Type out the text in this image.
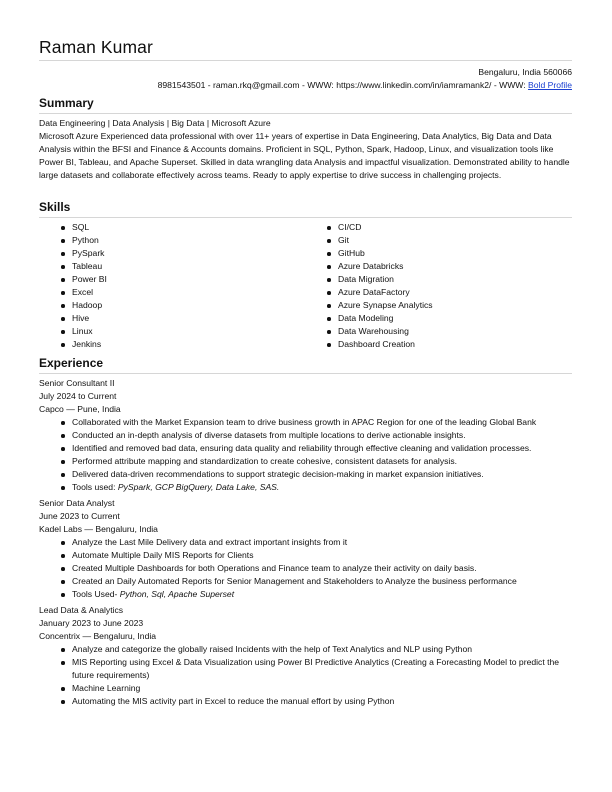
Raman Kumar
Bengaluru, India 560066
8981543501 - raman.rkq@gmail.com - WWW: https://www.linkedin.com/in/iamramank2/ - WWW: Bold Profile
Summary
Data Engineering | Data Analysis | Big Data | Microsoft Azure
Microsoft Azure Experienced data professional with over 11+ years of expertise in Data Engineering, Data Analytics, Big Data and Data Analysis within the BFSI and Finance & Accounts domains. Proficient in SQL, Python, Spark, Hadoop, Linux, and visualization tools like Power BI, Tableau, and Apache Superset. Skilled in data wrangling data Analysis and impactful visualization. Demonstrated ability to handle large datasets and collaborate effectively across teams. Ready to apply expertise to drive success in challenging projects.
Skills
SQL
Python
PySpark
Tableau
Power BI
Excel
Hadoop
Hive
Linux
Jenkins
CI/CD
Git
GitHub
Azure Databricks
Data Migration
Azure DataFactory
Azure Synapse Analytics
Data Modeling
Data Warehousing
Dashboard Creation
Experience
Senior Consultant II
July 2024 to Current
Capco — Pune, India
Collaborated with the Market Expansion team to drive business growth in APAC Region for one of the leading Global Bank
Conducted an in-depth analysis of diverse datasets from multiple locations to derive actionable insights.
Identified and removed bad data, ensuring data quality and reliability through effective cleaning and validation processes.
Performed attribute mapping and standardization to create cohesive, consistent datasets for analysis.
Delivered data-driven recommendations to support strategic decision-making in market expansion initiatives.
Tools used: PySpark, GCP BigQuery, Data Lake, SAS.
Senior Data Analyst
June 2023 to Current
Kadel Labs — Bengaluru, India
Analyze the Last Mile Delivery data and extract important insights from it
Automate Multiple Daily MIS Reports for Clients
Created Multiple Dashboards for both Operations and Finance team to analyze their activity on daily basis.
Created an Daily Automated Reports for Senior Management and Stakeholders to Analyze the business performance
Tools Used- Python, Sql, Apache Superset
Lead Data & Analytics
January 2023 to June 2023
Concentrix — Bengaluru, India
Analyze and categorize the globally raised Incidents with the help of Text Analytics and NLP using Python
MIS Reporting using Excel & Data Visualization using Power BI Predictive Analytics (Creating a Forecasting Model to predict the future requirements)
Machine Learning
Automating the MIS activity part in Excel to reduce the manual effort by using Python
